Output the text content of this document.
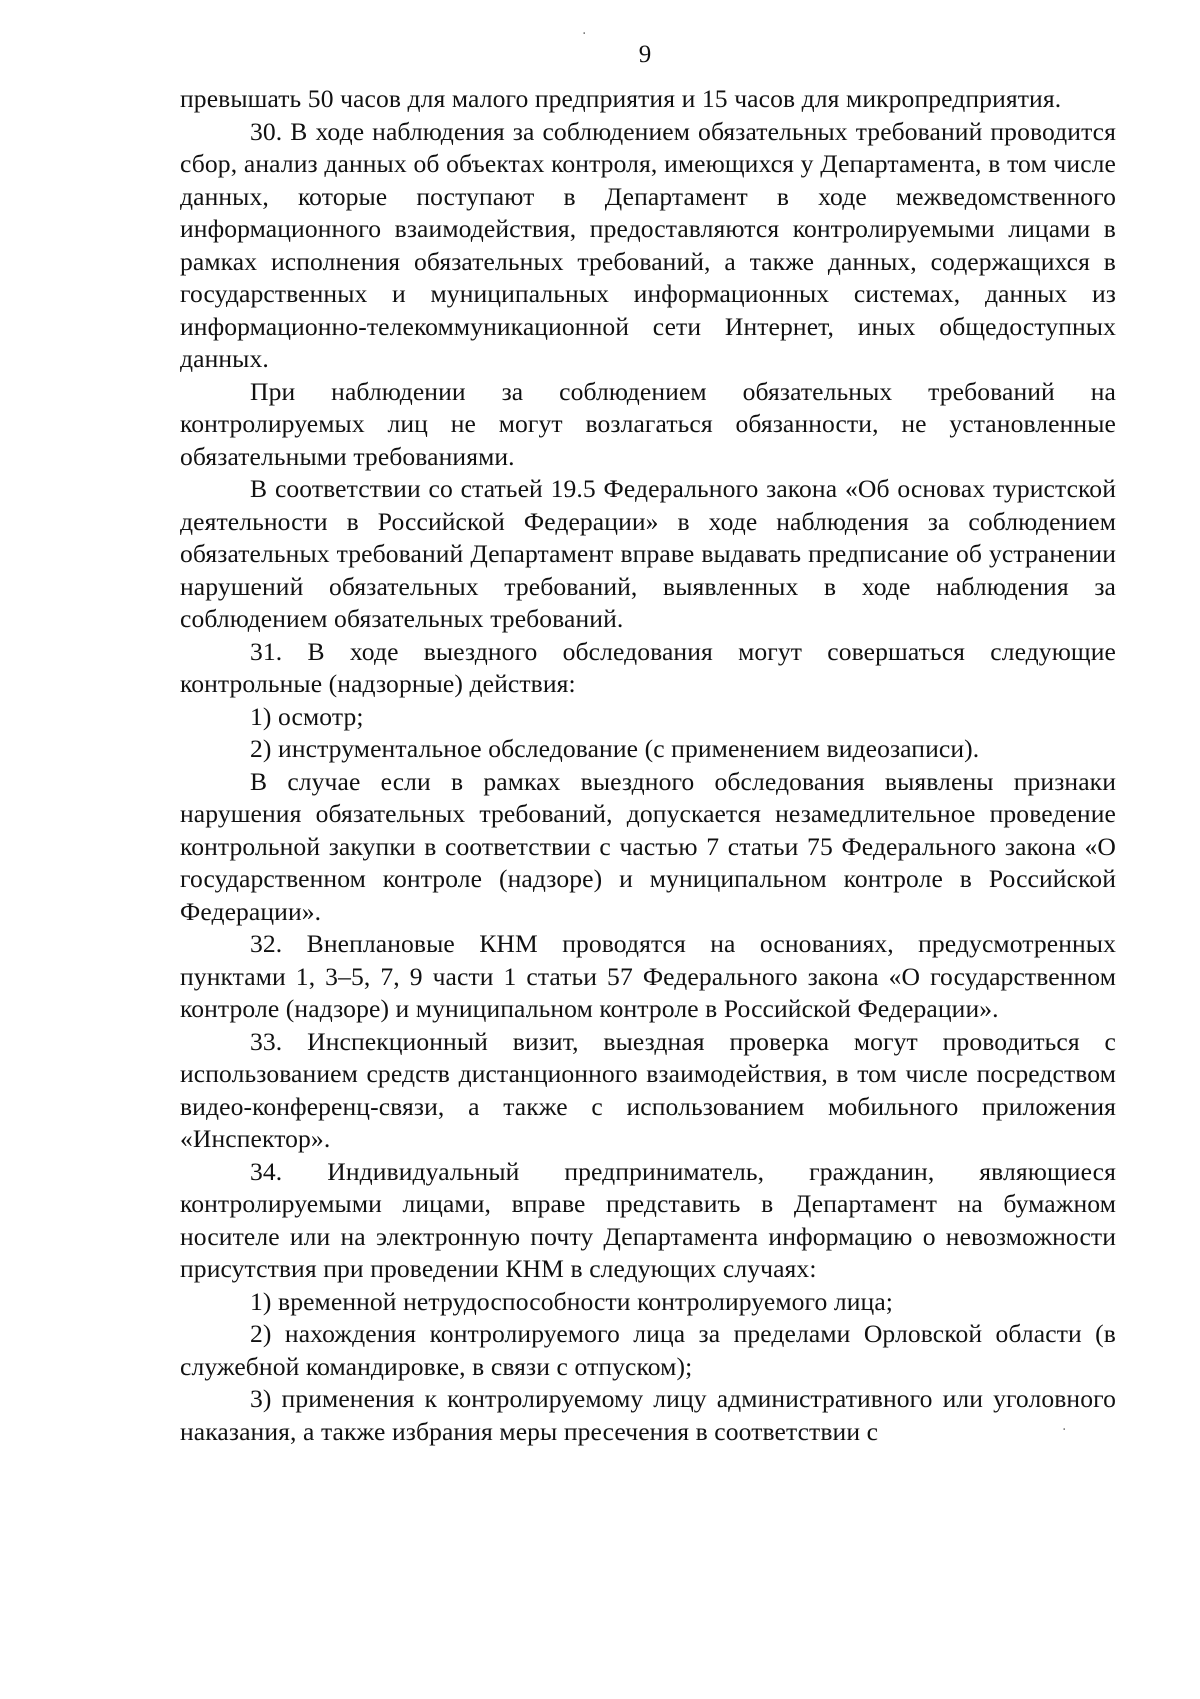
9

превышать 50 часов для малого предприятия и 15 часов для микропредприятия.

30. В ходе наблюдения за соблюдением обязательных требований проводится сбор, анализ данных об объектах контроля, имеющихся у Департамента, в том числе данных, которые поступают в Департамент в ходе межведомственного информационного взаимодействия, предоставляются контролируемыми лицами в рамках исполнения обязательных требований, а также данных, содержащихся в государственных и муниципальных информационных системах, данных из информационно-телекоммуникационной сети Интернет, иных общедоступных данных.

При наблюдении за соблюдением обязательных требований на контролируемых лиц не могут возлагаться обязанности, не установленные обязательными требованиями.

В соответствии со статьей 19.5 Федерального закона «Об основах туристской деятельности в Российской Федерации» в ходе наблюдения за соблюдением обязательных требований Департамент вправе выдавать предписание об устранении нарушений обязательных требований, выявленных в ходе наблюдения за соблюдением обязательных требований.

31. В ходе выездного обследования могут совершаться следующие контрольные (надзорные) действия:

1) осмотр;

2) инструментальное обследование (с применением видеозаписи).

В случае если в рамках выездного обследования выявлены признаки нарушения обязательных требований, допускается незамедлительное проведение контрольной закупки в соответствии с частью 7 статьи 75 Федерального закона «О государственном контроле (надзоре) и муниципальном контроле в Российской Федерации».

32. Внеплановые КНМ проводятся на основаниях, предусмотренных пунктами 1, 3–5, 7, 9 части 1 статьи 57 Федерального закона «О государственном контроле (надзоре) и муниципальном контроле в Российской Федерации».

33. Инспекционный визит, выездная проверка могут проводиться с использованием средств дистанционного взаимодействия, в том числе посредством видео-конференц-связи, а также с использованием мобильного приложения «Инспектор».

34. Индивидуальный предприниматель, гражданин, являющиеся контролируемыми лицами, вправе представить в Департамент на бумажном носителе или на электронную почту Департамента информацию о невозможности присутствия при проведении КНМ в следующих случаях:

1) временной нетрудоспособности контролируемого лица;

2) нахождения контролируемого лица за пределами Орловской области (в служебной командировке, в связи с отпуском);

3) применения к контролируемому лицу административного или уголовного наказания, а также избрания меры пресечения в соответствии с

·
·
